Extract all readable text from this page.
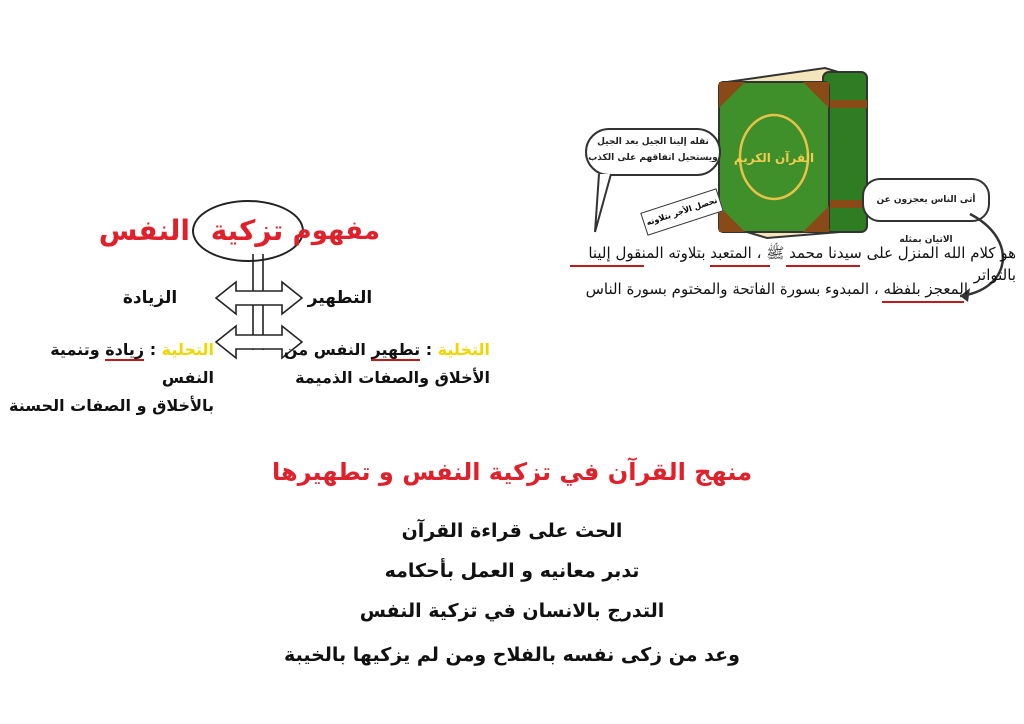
النفس تزكية مفهوم
التطهير
الزيادة
التخلية : تطهير النفس من
الأخلاق والصفات الذميمة
التحلية : زيادة وتنمية النفس
بالأخلاق و الصفات الحسنة
القرآن الكريم
نقله إلينا الجيل بعد الجيل ويستحيل اتفاقهم على الكذب
أتى الناس يعجزون عن الاتيان بمثله
نحصل الأجر بتلاوته
هو كلام الله المنزل على سيدنا محمد ﷺ ، المتعبد بتلاوته المنقول إلينا بالتواتر
المعجز بلفظه ، المبدوء بسورة الفاتحة والمختوم بسورة الناس
منهج القرآن في تزكية النفس و تطهيرها
الحث على قراءة القرآن
تدبر معانيه و العمل بأحكامه
التدرج بالانسان في تزكية النفس
وعد من زكى نفسه بالفلاح ومن لم يزكيها بالخيبة
